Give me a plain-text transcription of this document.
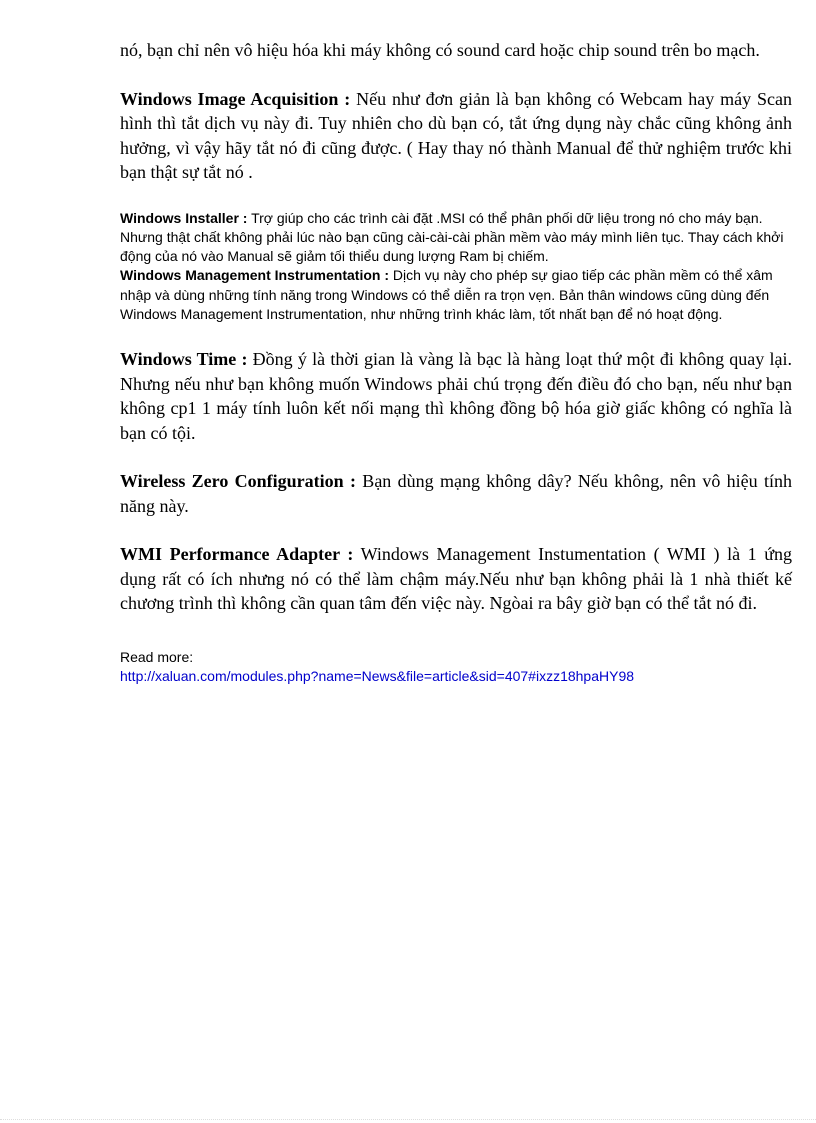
nó, bạn chỉ nên vô hiệu hóa khi máy không có sound card hoặc chip sound trên bo mạch.

Windows Image Acquisition : Nếu như đơn giản là bạn không có Webcam hay máy Scan hình thì tắt dịch vụ này đi. Tuy nhiên cho dù bạn có, tắt ứng dụng này chắc cũng không ảnh hưởng, vì vậy hãy tắt nó đi cũng được. ( Hay thay nó thành Manual để thử nghiệm trước khi bạn thật sự tắt nó .

Windows Installer : Trợ giúp cho các trình cài đặt .MSI có thể phân phối dữ liệu trong nó cho máy bạn. Nhưng thật chất không phải lúc nào bạn cũng cài-cài-cài phần mềm vào máy mình liên tục. Thay cách khởi động của nó vào Manual sẽ giảm tối thiểu dung lượng Ram bị chiếm.

Windows Management Instrumentation : Dịch vụ này cho phép sự giao tiếp các phần mềm có thể xâm nhập và dùng những tính năng trong Windows có thể diễn ra trọn vẹn. Bản thân windows cũng dùng đến Windows Management Instrumentation, như những trình khác làm, tốt nhất bạn để nó hoạt động.

Windows Time : Đồng ý là thời gian là vàng là bạc là hàng loạt thứ một đi không quay lại. Nhưng nếu như bạn không muốn Windows phải chú trọng đến điều đó cho bạn, nếu như bạn không cp1 1 máy tính luôn kết nối mạng thì không đồng bộ hóa giờ giấc không có nghĩa là bạn có tội.

Wireless Zero Configuration : Bạn dùng mạng không dây? Nếu không, nên vô hiệu tính năng này.

WMI Performance Adapter : Windows Management Instumentation ( WMI ) là 1 ứng dụng rất có ích nhưng nó có thể làm chậm máy.Nếu như bạn không phải là 1 nhà thiết kế chương trình thì không cần quan tâm đến việc này. Ngòai ra bây giờ bạn có thể tắt nó đi.

Read more:
http://xaluan.com/modules.php?name=News&file=article&sid=407#ixzz18hpaHY98
